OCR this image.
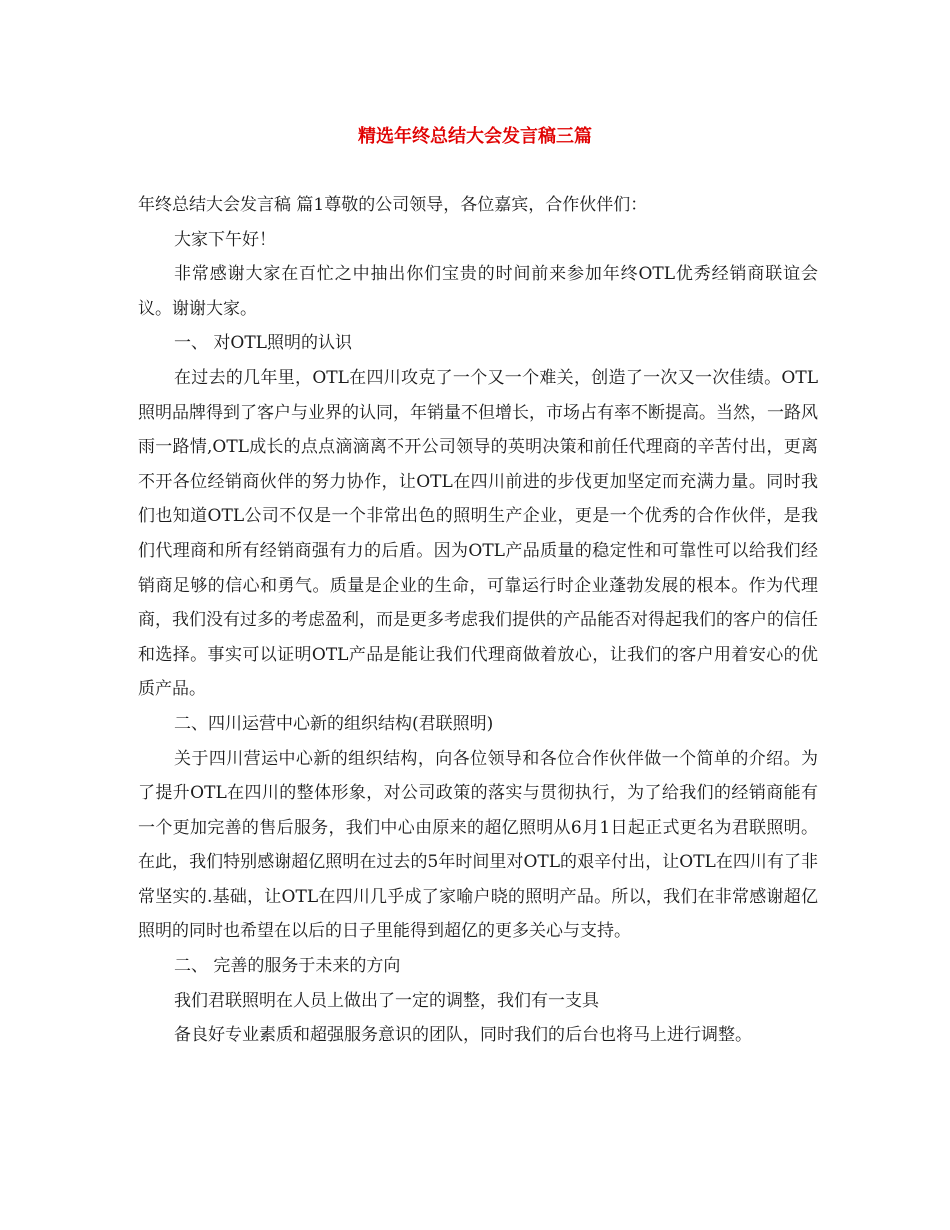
精选年终总结大会发言稿三篇

年终总结大会发言稿 篇1尊敬的公司领导，各位嘉宾，合作伙伴们：

大家下午好！

非常感谢大家在百忙之中抽出你们宝贵的时间前来参加年终OTL优秀经销商联谊会议。谢谢大家。

一、 对OTL照明的认识

在过去的几年里，OTL在四川攻克了一个又一个难关，创造了一次又一次佳绩。OTL照明品牌得到了客户与业界的认同，年销量不但增长，市场占有率不断提高。当然，一路风雨一路情,OTL成长的点点滴滴离不开公司领导的英明决策和前任代理商的辛苦付出，更离不开各位经销商伙伴的努力协作，让OTL在四川前进的步伐更加坚定而充满力量。同时我们也知道OTL公司不仅是一个非常出色的照明生产企业，更是一个优秀的合作伙伴，是我们代理商和所有经销商强有力的后盾。因为OTL产品质量的稳定性和可靠性可以给我们经销商足够的信心和勇气。质量是企业的生命，可靠运行时企业蓬勃发展的根本。作为代理商，我们没有过多的考虑盈利，而是更多考虑我们提供的产品能否对得起我们的客户的信任和选择。事实可以证明OTL产品是能让我们代理商做着放心，让我们的客户用着安心的优质产品。

二、四川运营中心新的组织结构(君联照明)

关于四川营运中心新的组织结构，向各位领导和各位合作伙伴做一个简单的介绍。为了提升OTL在四川的整体形象，对公司政策的落实与贯彻执行，为了给我们的经销商能有一个更加完善的售后服务，我们中心由原来的超亿照明从6月1日起正式更名为君联照明。在此，我们特别感谢超亿照明在过去的5年时间里对OTL的艰辛付出，让OTL在四川有了非常坚实的.基础，让OTL在四川几乎成了家喻户晓的照明产品。所以，我们在非常感谢超亿照明的同时也希望在以后的日子里能得到超亿的更多关心与支持。

二、 完善的服务于未来的方向

我们君联照明在人员上做出了一定的调整，我们有一支具

备良好专业素质和超强服务意识的团队，同时我们的后台也将马上进行调整。
